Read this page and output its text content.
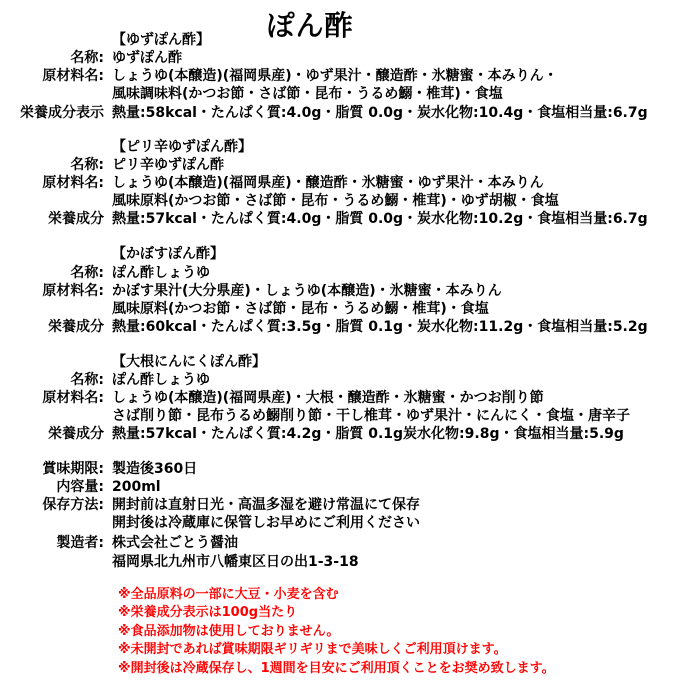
ぽん酢
【ゆずぽん酢】
名称: ゆずぽん酢
原材料名: しょうゆ(本醸造)(福岡県産)・ゆず果汁・醸造酢・氷糖蜜・本みりん・
風味調味料(かつお節・さば節・昆布・うるめ鰯・椎茸)・食塩
栄養成分表示 熱量:58kcal・たんぱく質:4.0g・脂質 0.0g・炭水化物:10.4g・食塩相当量:6.7g
【ピリ辛ゆずぽん酢】
名称: ピリ辛ゆずぽん酢
原材料名: しょうゆ(本醸造)(福岡県産)・醸造酢・氷糖蜜・ゆず果汁・本みりん
風味原料(かつお節・さば節・昆布・うるめ鰯・椎茸)・ゆず胡椒・食塩
栄養成分 熱量:57kcal・たんぱく質:4.0g・脂質 0.0g・炭水化物:10.2g・食塩相当量:6.7g
【かぼすぽん酢】
名称: ぽん酢しょうゆ
原材料名: かぼす果汁(大分県産)・しょうゆ(本醸造)・氷糖蜜・本みりん
風味原料(かつお節・さば節・昆布・うるめ鰯・椎茸)・食塩
栄養成分 熱量:60kcal・たんぱく質:3.5g・脂質 0.1g・炭水化物:11.2g・食塩相当量:5.2g
【大根にんにくぽん酢】
名称: ぽん酢しょうゆ
原材料名: しょうゆ(本醸造)(福岡県産)・大根・醸造酢・氷糖蜜・かつお削り節
さば削り節・昆布うるめ鰯削り節・干し椎茸・ゆず果汁・にんにく・食塩・唐辛子
栄養成分 熱量:57kcal・たんぱく質:4.2g・脂質 0.1g炭水化物:9.8g・食塩相当量:5.9g
賞味期限: 製造後360日
内容量: 200ml
保存方法: 開封前は直射日光・高温多湿を避け常温にて保存
開封後は冷蔵庫に保管しお早めにご利用ください
製造者: 株式会社ごとう醤油
福岡県北九州市八幡東区日の出1-3-18
※全品原料の一部に大豆・小麦を含む
※栄養成分表示は100g当たり
※食品添加物は使用しておりません。
※未開封であれば賞味期限ギリギリまで美味しくご利用頂けます。
※開封後は冷蔵保存し、1週間を目安にご利用頂くことをお奨め致します。
